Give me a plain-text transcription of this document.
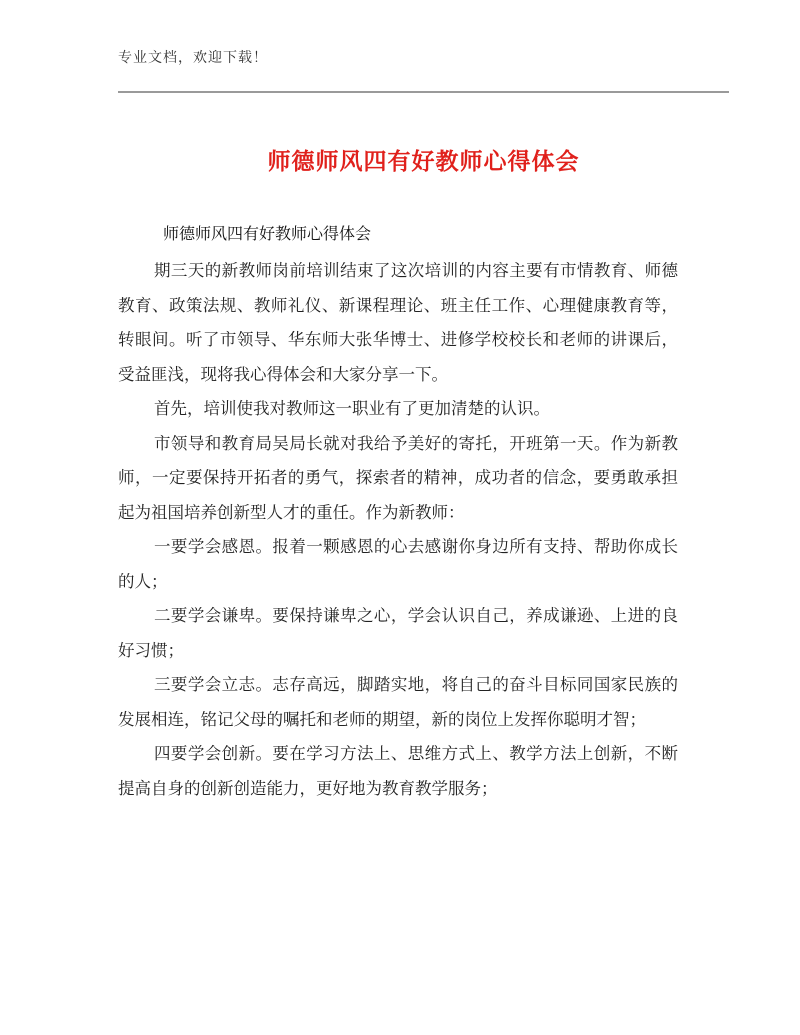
专业文档，欢迎下载！
师德师风四有好教师心得体会
师德师风四有好教师心得体会

期三天的新教师岗前培训结束了这次培训的内容主要有市情教育、师德教育、政策法规、教师礼仪、新课程理论、班主任工作、心理健康教育等，转眼间。听了市领导、华东师大张华博士、进修学校校长和老师的讲课后，受益匪浅，现将我心得体会和大家分享一下。

首先，培训使我对教师这一职业有了更加清楚的认识。

市领导和教育局吴局长就对我给予美好的寄托，开班第一天。作为新教师，一定要保持开拓者的勇气，探索者的精神，成功者的信念，要勇敢承担起为祖国培养创新型人才的重任。作为新教师：

一要学会感恩。报着一颗感恩的心去感谢你身边所有支持、帮助你成长的人；

二要学会谦卑。要保持谦卑之心，学会认识自己，养成谦逊、上进的良好习惯；

三要学会立志。志存高远，脚踏实地，将自己的奋斗目标同国家民族的发展相连，铭记父母的嘱托和老师的期望，新的岗位上发挥你聪明才智；

四要学会创新。要在学习方法上、思维方式上、教学方法上创新，不断提高自身的创新创造能力，更好地为教育教学服务；
